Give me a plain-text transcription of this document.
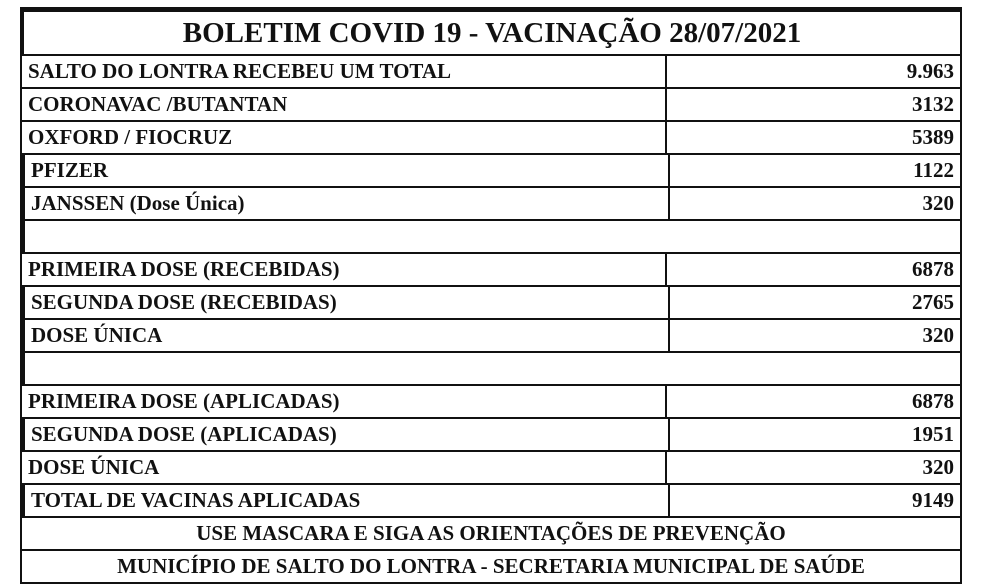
BOLETIM COVID 19 - VACINAÇÃO 28/07/2021
SALTO DO LONTRA RECEBEU UM TOTAL	9.963
CORONAVAC /BUTANTAN	3132
OXFORD / FIOCRUZ	5389
PFIZER	1122
JANSSEN (Dose Única)	320
PRIMEIRA DOSE (RECEBIDAS)	6878
SEGUNDA DOSE (RECEBIDAS)	2765
DOSE ÚNICA	320
PRIMEIRA DOSE (APLICADAS)	6878
SEGUNDA DOSE (APLICADAS)	1951
DOSE ÚNICA	320
TOTAL DE VACINAS APLICADAS	9149
USE MASCARA E SIGA AS ORIENTAÇÕES DE PREVENÇÃO
MUNICÍPIO DE SALTO DO LONTRA - SECRETARIA MUNICIPAL DE SAÚDE
